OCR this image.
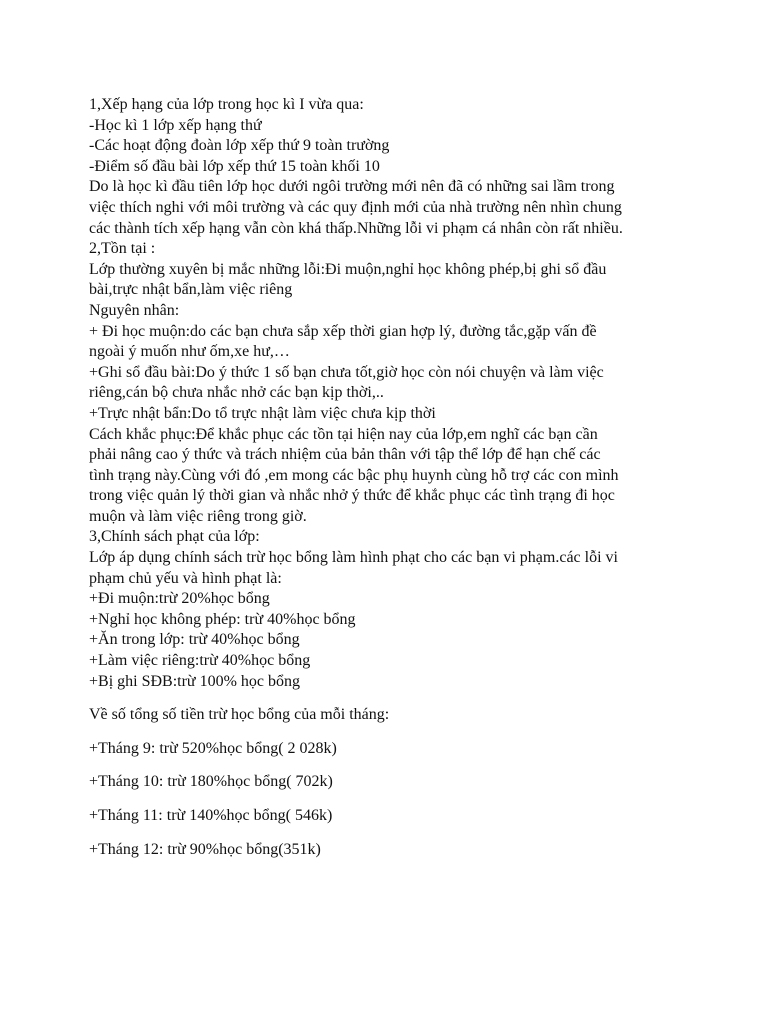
1,Xếp hạng của lớp trong học kì I vừa qua:
-Học kì 1 lớp xếp hạng thứ
-Các hoạt động đoàn lớp xếp thứ 9 toàn trường
-Điểm số đầu bài lớp xếp thứ 15 toàn khối 10
Do là học kì đầu tiên lớp học dưới ngôi trường mới nên đã có những sai lầm trong
việc thích nghi với môi trường và các quy định mới của nhà trường nên nhìn chung
các thành tích xếp hạng vẫn còn khá thấp.Những lỗi vi phạm cá nhân còn rất nhiều.
2,Tồn tại :
Lớp thường xuyên bị mắc những lỗi:Đi muộn,nghỉ học không phép,bị ghi sổ đầu
bài,trực nhật bẩn,làm việc riêng
Nguyên nhân:
+ Đi học muộn:do các bạn chưa sắp xếp thời gian hợp lý, đường tắc,gặp vấn đề
ngoài ý muốn như ốm,xe hư,…
+Ghi sổ đầu bài:Do ý thức 1 số bạn chưa tốt,giờ học còn nói chuyện và làm việc
riêng,cán bộ chưa nhắc nhở các bạn kịp thời,..
+Trực nhật bẩn:Do tổ trực nhật làm việc chưa kịp thời
Cách khắc phục:Để khắc phục các tồn tại hiện nay của lớp,em nghĩ các bạn cần
phải nâng cao ý thức và trách nhiệm của bản thân với tập thể lớp để hạn chế các
tình trạng này.Cùng với đó ,em mong các bậc phụ huynh cùng hỗ trợ các con mình
trong việc quản lý thời gian và nhắc nhở ý thức để khắc phục các tình trạng đi học
muộn và làm việc riêng trong giờ.
3,Chính sách phạt của lớp:
Lớp áp dụng chính sách trừ học bổng làm hình phạt cho các bạn vi phạm.các lỗi vi
phạm chủ yếu và hình phạt là:
+Đi muộn:trừ 20%học bổng
+Nghỉ học không phép: trừ 40%học bổng
+Ăn trong lớp: trừ 40%học bổng
+Làm việc riêng:trừ 40%học bổng
+Bị ghi SĐB:trừ 100% học bổng
Về số tổng số tiền trừ học bổng của mỗi tháng:
+Tháng 9: trừ 520%học bổng( 2 028k)
+Tháng 10: trừ 180%học bổng( 702k)
+Tháng 11: trừ 140%học bổng( 546k)
+Tháng 12: trừ 90%học bổng(351k)
